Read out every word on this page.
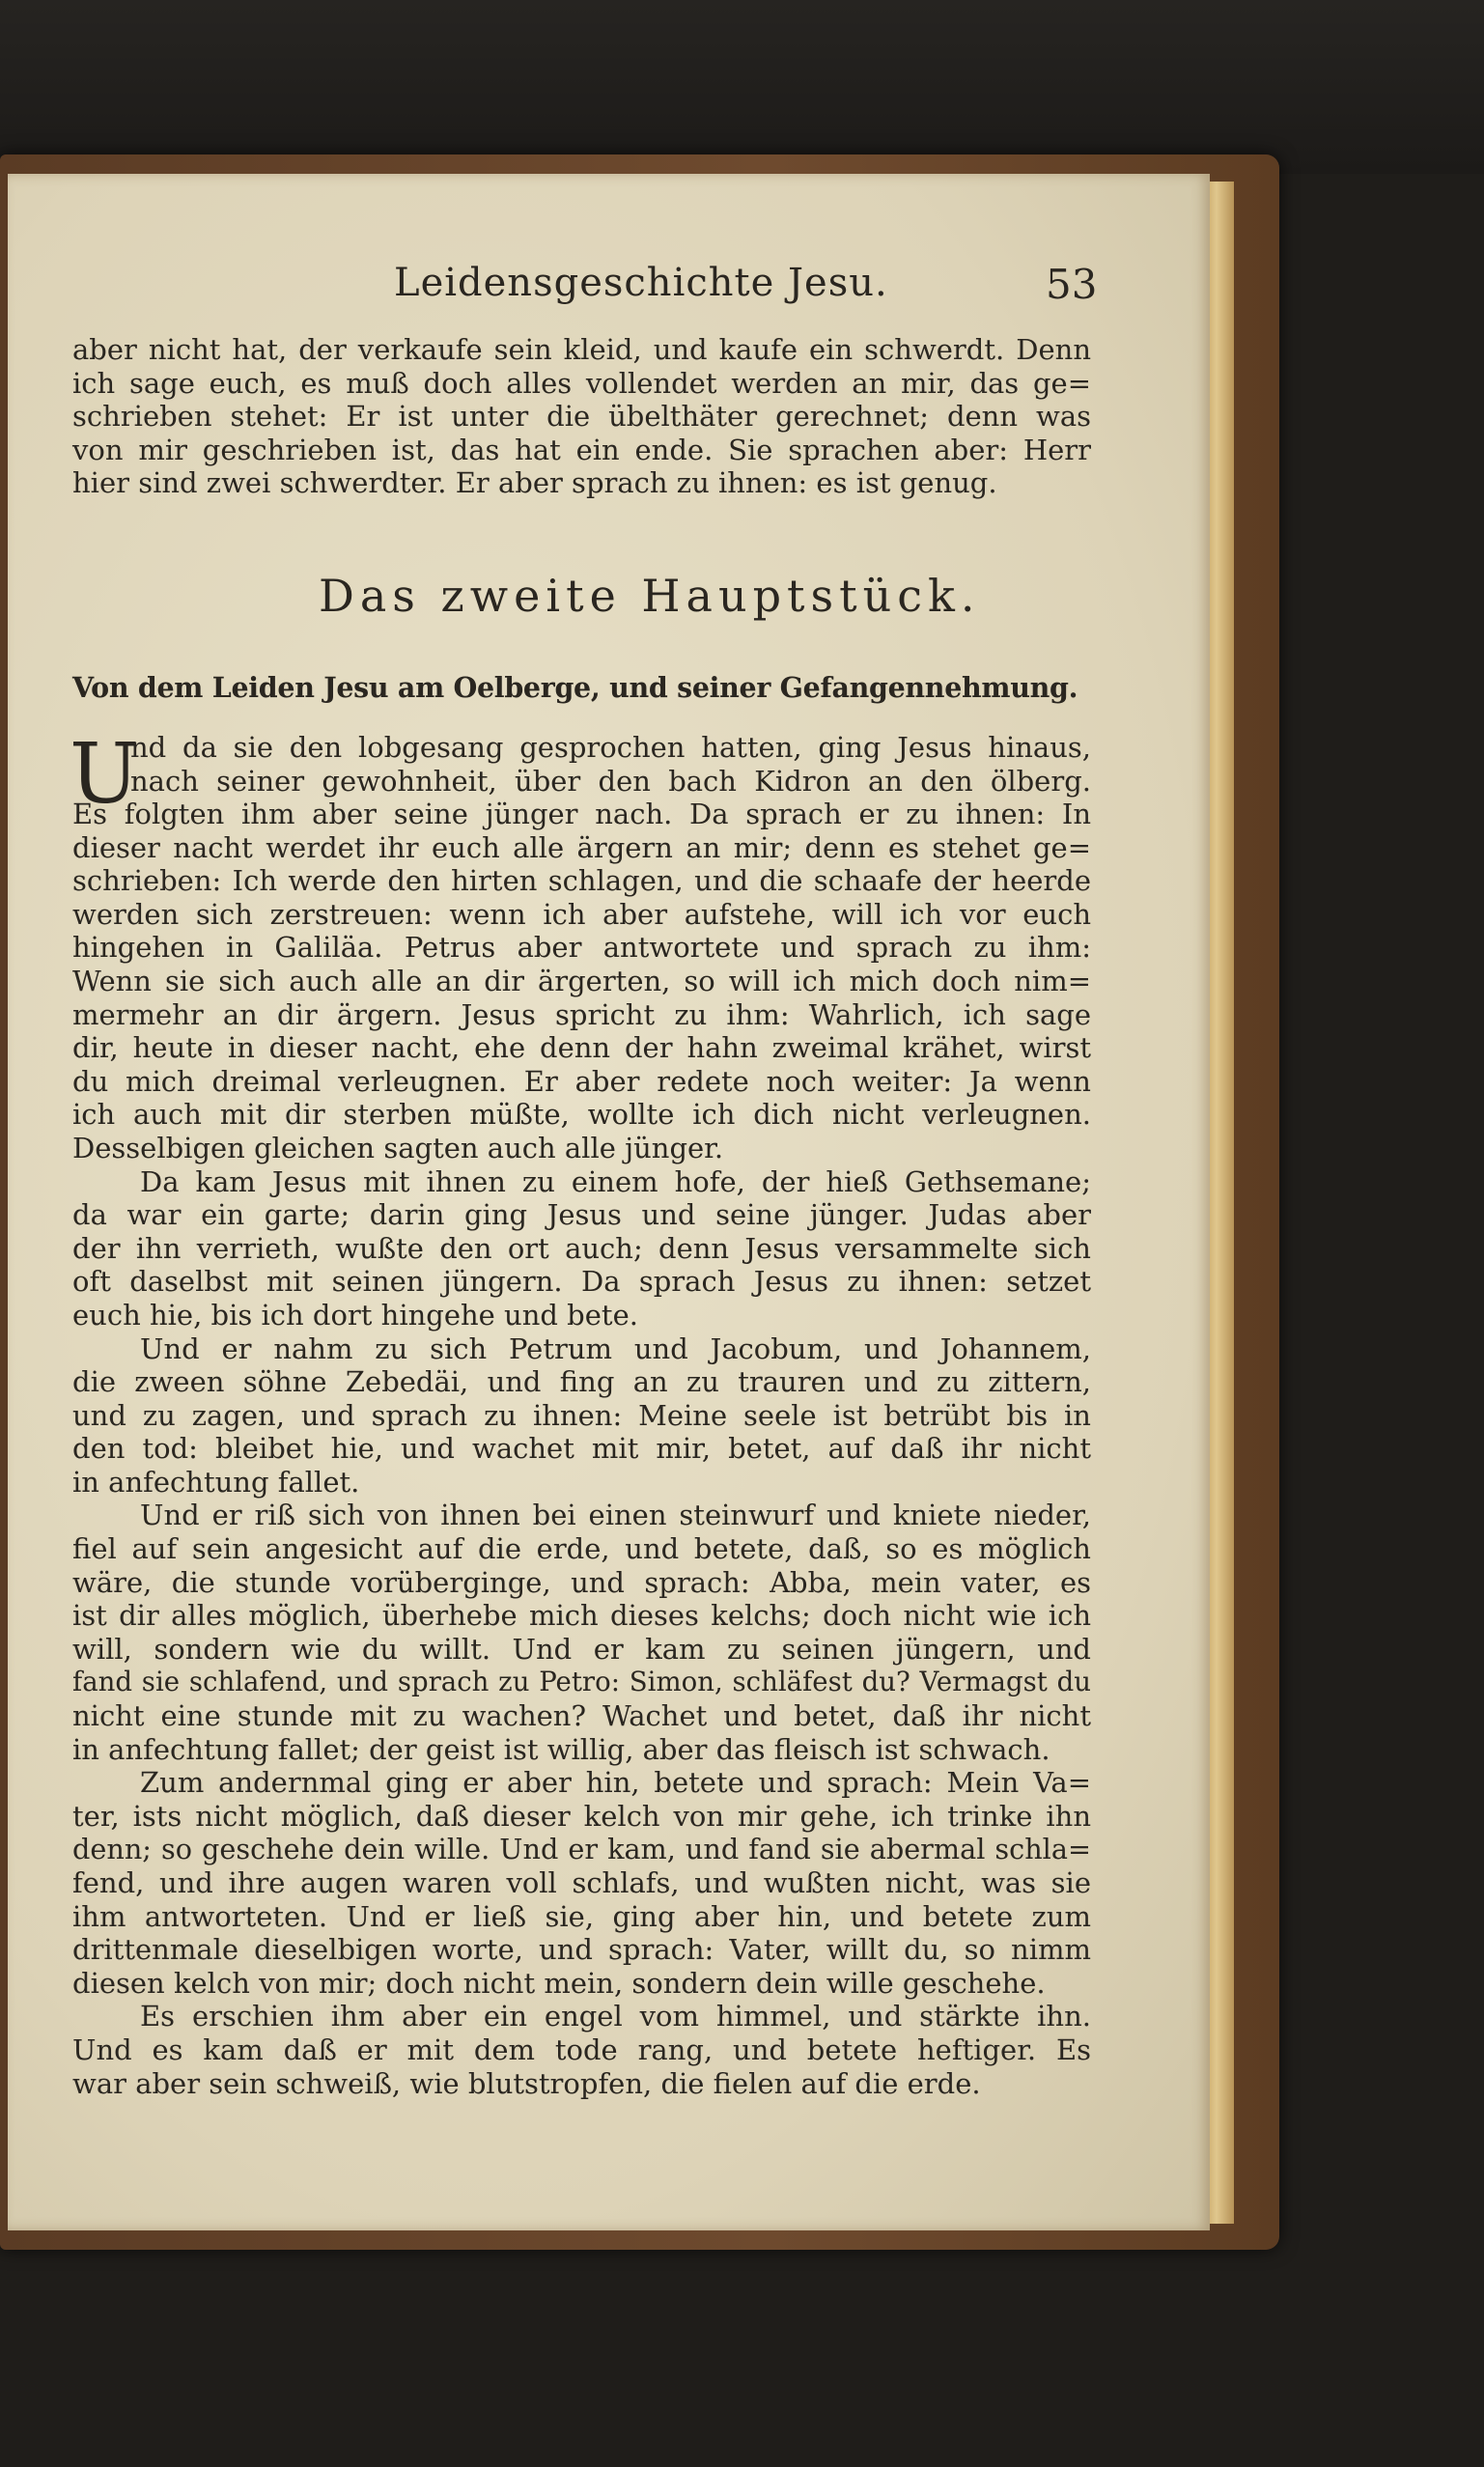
Leidensgeschichte Jesu.	53
aber nicht hat, der verkaufe sein kleid, und kaufe ein schwerdt. Denn
ich sage euch, es muß doch alles vollendet werden an mir, das ge=
schrieben stehet: Er ist unter die übelthäter gerechnet; denn was
von mir geschrieben ist, das hat ein ende. Sie sprachen aber: Herr
hier sind zwei schwerdter. Er aber sprach zu ihnen: es ist genug.
Das zweite Hauptstück.
Von dem Leiden Jesu am Oelberge, und seiner Gefangennehmung.
U
nd da sie den lobgesang gesprochen hatten, ging Jesus hinaus,
nach seiner gewohnheit, über den bach Kidron an den ölberg.
Es folgten ihm aber seine jünger nach. Da sprach er zu ihnen: In
dieser nacht werdet ihr euch alle ärgern an mir; denn es stehet ge=
schrieben: Ich werde den hirten schlagen, und die schaafe der heerde
werden sich zerstreuen: wenn ich aber aufstehe, will ich vor euch
hingehen in Galiläa. Petrus aber antwortete und sprach zu ihm:
Wenn sie sich auch alle an dir ärgerten, so will ich mich doch nim=
mermehr an dir ärgern. Jesus spricht zu ihm: Wahrlich, ich sage
dir, heute in dieser nacht, ehe denn der hahn zweimal krähet, wirst
du mich dreimal verleugnen. Er aber redete noch weiter: Ja wenn
ich auch mit dir sterben müßte, wollte ich dich nicht verleugnen.
Desselbigen gleichen sagten auch alle jünger.
Da kam Jesus mit ihnen zu einem hofe, der hieß Gethsemane;
da war ein garte; darin ging Jesus und seine jünger. Judas aber
der ihn verrieth, wußte den ort auch; denn Jesus versammelte sich
oft daselbst mit seinen jüngern. Da sprach Jesus zu ihnen: setzet
euch hie, bis ich dort hingehe und bete.
Und er nahm zu sich Petrum und Jacobum, und Johannem,
die zween söhne Zebedäi, und fing an zu trauren und zu zittern,
und zu zagen, und sprach zu ihnen: Meine seele ist betrübt bis in
den tod: bleibet hie, und wachet mit mir, betet, auf daß ihr nicht
in anfechtung fallet.
Und er riß sich von ihnen bei einen steinwurf und kniete nieder,
fiel auf sein angesicht auf die erde, und betete, daß, so es möglich
wäre, die stunde vorüberginge, und sprach: Abba, mein vater, es
ist dir alles möglich, überhebe mich dieses kelchs; doch nicht wie ich
will, sondern wie du willt. Und er kam zu seinen jüngern, und
fand sie schlafend, und sprach zu Petro: Simon, schläfest du? Vermagst du
nicht eine stunde mit zu wachen? Wachet und betet, daß ihr nicht
in anfechtung fallet; der geist ist willig, aber das fleisch ist schwach.
Zum andernmal ging er aber hin, betete und sprach: Mein Va=
ter, ists nicht möglich, daß dieser kelch von mir gehe, ich trinke ihn
denn; so geschehe dein wille. Und er kam, und fand sie abermal schla=
fend, und ihre augen waren voll schlafs, und wußten nicht, was sie
ihm antworteten. Und er ließ sie, ging aber hin, und betete zum
drittenmale dieselbigen worte, und sprach: Vater, willt du, so nimm
diesen kelch von mir; doch nicht mein, sondern dein wille geschehe.
Es erschien ihm aber ein engel vom himmel, und stärkte ihn.
Und es kam daß er mit dem tode rang, und betete heftiger. Es
war aber sein schweiß, wie blutstropfen, die fielen auf die erde.
